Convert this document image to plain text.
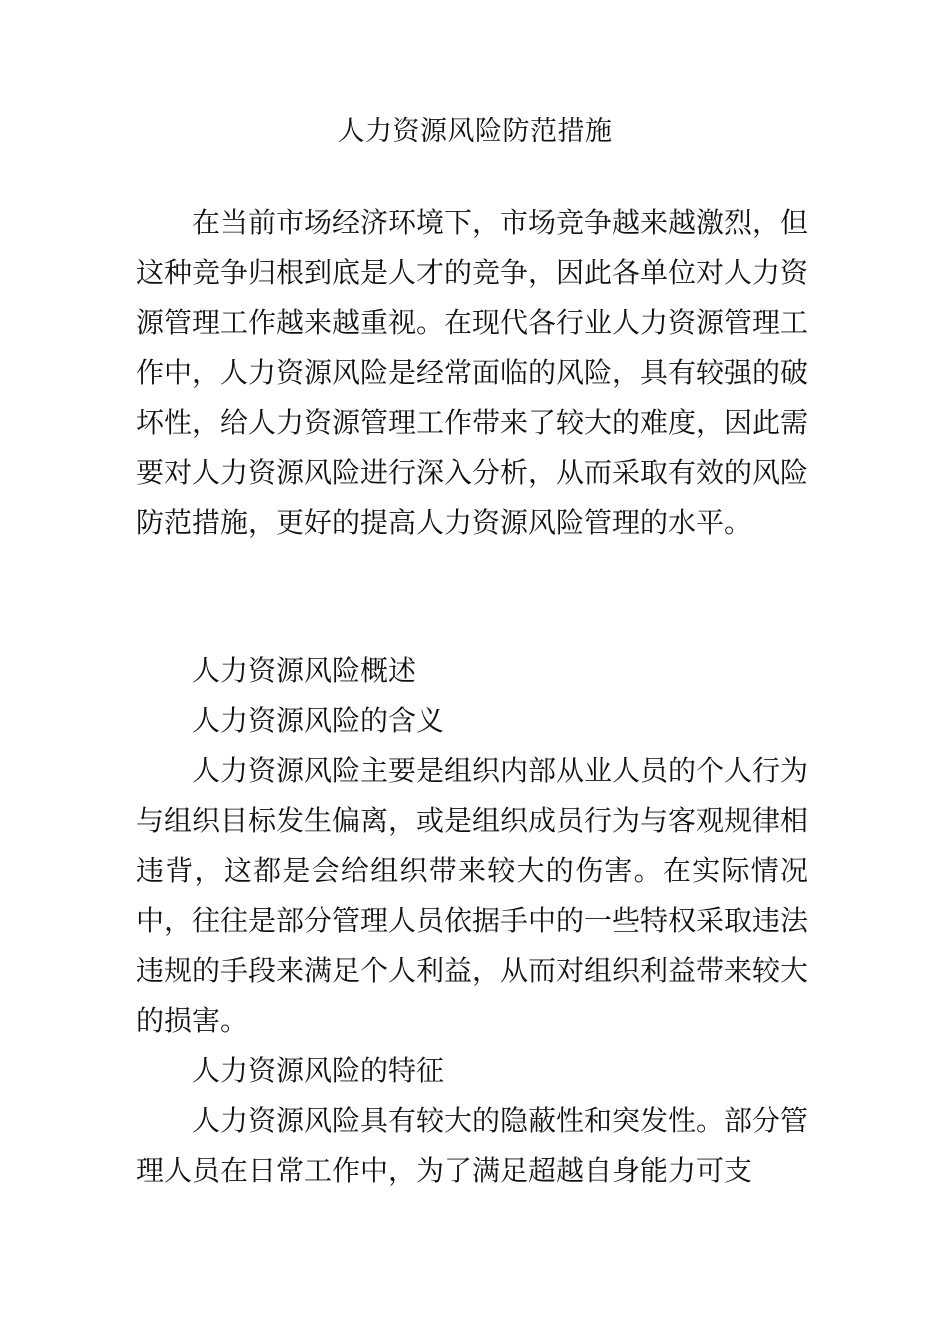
人力资源风险防范措施

在当前市场经济环境下，市场竞争越来越激烈，但这种竞争归根到底是人才的竞争，因此各单位对人力资源管理工作越来越重视。在现代各行业人力资源管理工作中，人力资源风险是经常面临的风险，具有较强的破坏性，给人力资源管理工作带来了较大的难度，因此需要对人力资源风险进行深入分析，从而采取有效的风险防范措施，更好的提高人力资源风险管理的水平。

人力资源风险概述
人力资源风险的含义

人力资源风险主要是组织内部从业人员的个人行为与组织目标发生偏离，或是组织成员行为与客观规律相违背，这都是会给组织带来较大的伤害。在实际情况中，往往是部分管理人员依据手中的一些特权采取违法违规的手段来满足个人利益，从而对组织利益带来较大的损害。

人力资源风险的特征

人力资源风险具有较大的隐蔽性和突发性。部分管理人员在日常工作中，为了满足超越自身能力可支
